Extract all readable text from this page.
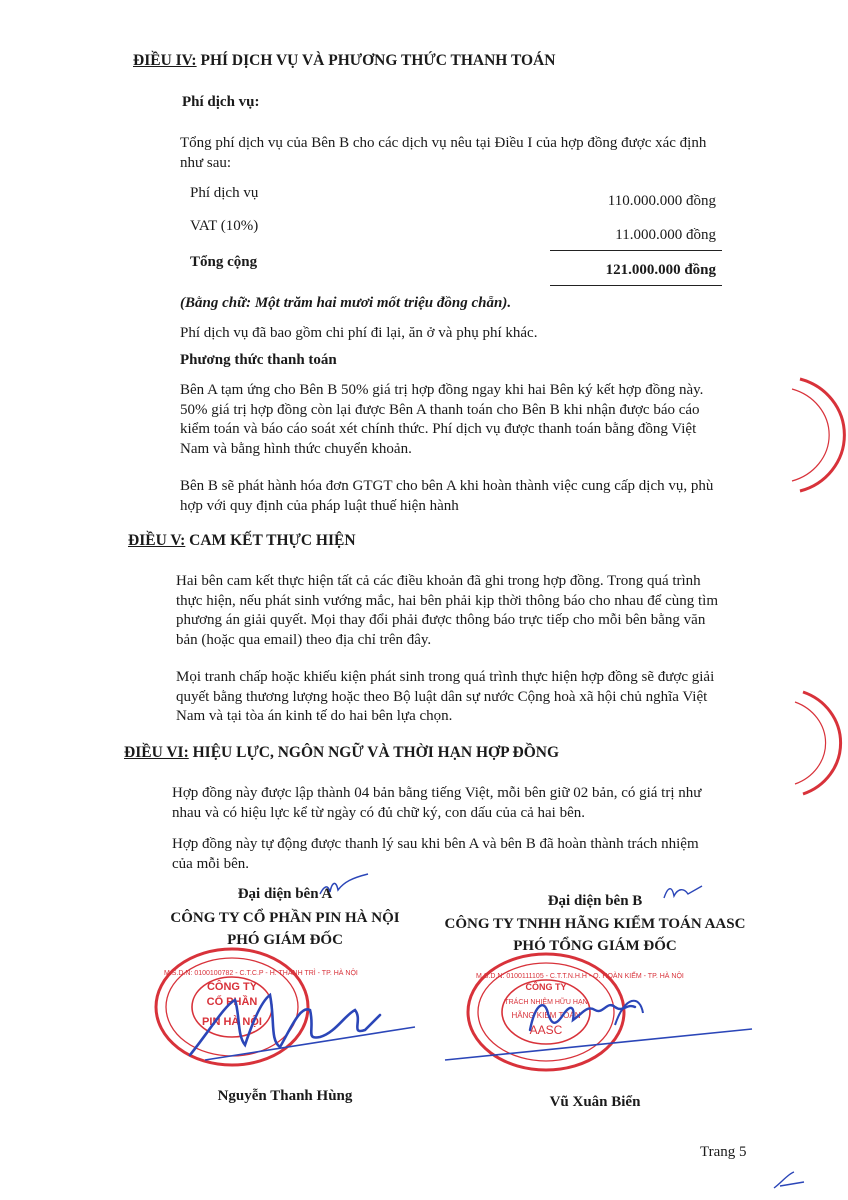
ĐIỀU IV: PHÍ DỊCH VỤ VÀ PHƯƠNG THỨC THANH TOÁN
Phí dịch vụ:
Tổng phí dịch vụ của Bên B cho các dịch vụ nêu tại Điều I của hợp đồng được xác định
như sau:
Phí dịch vụ	110.000.000 đồng
VAT (10%)
11.000.000 đồng
Tổng cộng	121.000.000 đồng
(Bằng chữ: Một trăm hai mươi mốt triệu đồng chẵn).
Phí dịch vụ đã bao gồm chi phí đi lại, ăn ở và phụ phí khác.
Phương thức thanh toán
Bên A tạm ứng cho Bên B 50% giá trị hợp đồng ngay khi hai Bên ký kết hợp đồng này.
50% giá trị hợp đồng còn lại được Bên A thanh toán cho Bên B khi nhận được báo cáo
kiểm toán và báo cáo soát xét chính thức. Phí dịch vụ được thanh toán bằng đồng Việt
Nam và bằng hình thức chuyển khoản.
Bên B sẽ phát hành hóa đơn GTGT cho bên A khi hoàn thành việc cung cấp dịch vụ, phù
hợp với quy định của pháp luật thuế hiện hành
ĐIỀU V: CAM KẾT THỰC HIỆN
Hai bên cam kết thực hiện tất cả các điều khoản đã ghi trong hợp đồng. Trong quá trình
thực hiện, nếu phát sinh vướng mắc, hai bên phải kịp thời thông báo cho nhau để cùng tìm
phương án giải quyết. Mọi thay đổi phải được thông báo trực tiếp cho mỗi bên bằng văn
bản (hoặc qua email) theo địa chỉ trên đây.
Mọi tranh chấp hoặc khiếu kiện phát sinh trong quá trình thực hiện hợp đồng sẽ được giải
quyết bằng thương lượng hoặc theo Bộ luật dân sự nước Cộng hoà xã hội chủ nghĩa Việt
Nam và tại tòa án kinh tế do hai bên lựa chọn.
ĐIỀU VI: HIỆU LỰC, NGÔN NGỮ VÀ THỜI HẠN HỢP ĐỒNG
Hợp đồng này được lập thành 04 bản bằng tiếng Việt, mỗi bên giữ 02 bản, có giá trị như
nhau và có hiệu lực kể từ ngày có đủ chữ ký, con dấu của cả hai bên.
Hợp đồng này tự động được thanh lý sau khi bên A và bên B đã hoàn thành trách nhiệm
của mỗi bên.
Đại diện bên A
CÔNG TY CỔ PHẦN PIN HÀ NỘI
PHÓ GIÁM ĐỐC
CÔNG TY
CỔ PHẦN
PIN HÀ NỘI
M.S.D.N: 0100100782 - C.T.C.P - H. THANH TRÌ - TP. HÀ NỘI
Nguyễn Thanh Hùng
Đại diện bên B
CÔNG TY TNHH HÃNG KIỂM TOÁN AASC
PHÓ TỔNG GIÁM ĐỐC
CÔNG TY
TRÁCH NHIỆM HỮU HẠN
HÃNG KIỂM TOÁN
AASC
M.S.D.N: 0100111105 - C.T.T.N.H.H - Q. HOÀN KIẾM - TP. HÀ NỘI
Vũ Xuân Biển
Trang 5
